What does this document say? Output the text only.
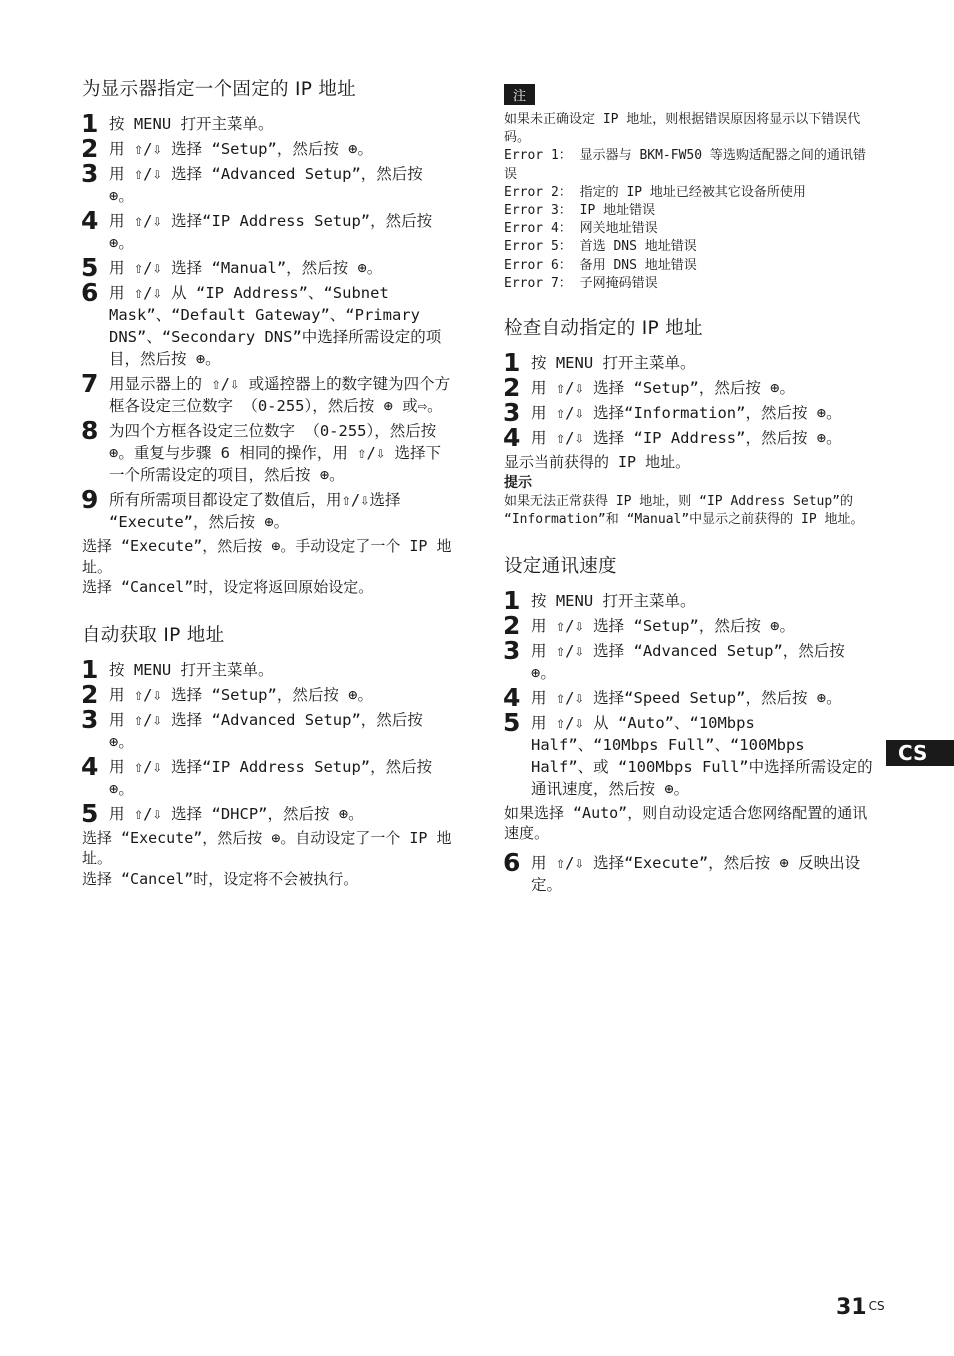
为显示器指定一个固定的 IP 地址
1 按 MENU 打开主菜单。
2 用 ⇧/⇩ 选择 “Setup”，然后按 ⊕。
3 用 ⇧/⇩ 选择 “Advanced Setup”，然后按 ⊕。
4 用 ⇧/⇩ 选择“IP Address Setup”，然后按 ⊕。
5 用 ⇧/⇩ 选择 “Manual”，然后按 ⊕。
6 用 ⇧/⇩ 从 “IP Address”、“Subnet Mask”、“Default Gateway”、“Primary DNS”、“Secondary DNS”中选择所需设定的项目，然后按 ⊕。
7 用显示器上的 ⇧/⇩ 或遥控器上的数字键为四个方框各设定三位数字 （0-255），然后按 ⊕ 或⇨。
8 为四个方框各设定三位数字 （0-255），然后按 ⊕。重复与步骤 6 相同的操作，用 ⇧/⇩ 选择下一个所需设定的项目，然后按 ⊕。
9 所有所需项目都设定了数值后，用⇧/⇩选择 “Execute”，然后按 ⊕。

选择 “Execute”，然后按 ⊕。手动设定了一个 IP 地址。

选择 “Cancel”时，设定将返回原始设定。

自动获取 IP 地址
1 按 MENU 打开主菜单。
2 用 ⇧/⇩ 选择 “Setup”，然后按 ⊕。
3 用 ⇧/⇩ 选择 “Advanced Setup”，然后按 ⊕。
4 用 ⇧/⇩ 选择“IP Address Setup”，然后按 ⊕。
5 用 ⇧/⇩ 选择 “DHCP”，然后按 ⊕。

选择 “Execute”，然后按 ⊕。自动设定了一个 IP 地址。

选择 “Cancel”时，设定将不会被执行。

注

如果未正确设定 IP 地址，则根据错误原因将显示以下错误代码。

Error 1： 显示器与 BKM-FW50 等选购适配器之间的通讯错误

Error 2： 指定的 IP 地址已经被其它设备所使用

Error 3： IP 地址错误

Error 4： 网关地址错误

Error 5： 首选 DNS 地址错误

Error 6： 备用 DNS 地址错误

Error 7： 子网掩码错误

检查自动指定的 IP 地址
1 按 MENU 打开主菜单。
2 用 ⇧/⇩ 选择 “Setup”，然后按 ⊕。
3 用 ⇧/⇩ 选择“Information”，然后按 ⊕。
4 用 ⇧/⇩ 选择 “IP Address”，然后按 ⊕。

显示当前获得的 IP 地址。

提示

如果无法正常获得 IP 地址，则 “IP Address Setup”的 “Information”和 “Manual”中显示之前获得的 IP 地址。

设定通讯速度
1 按 MENU 打开主菜单。
2 用 ⇧/⇩ 选择 “Setup”，然后按 ⊕。
3 用 ⇧/⇩ 选择 “Advanced Setup”，然后按 ⊕。
4 用 ⇧/⇩ 选择“Speed Setup”，然后按 ⊕。
5 用 ⇧/⇩ 从 “Auto”、“10Mbps Half”、“10Mbps Full”、“100Mbps Half”、或 “100Mbps Full”中选择所需设定的通讯速度，然后按 ⊕。

如果选择 “Auto”，则自动设定适合您网络配置的通讯速度。

6 用 ⇧/⇩ 选择“Execute”，然后按 ⊕ 反映出设定。
CS
31 $^{CS}$
